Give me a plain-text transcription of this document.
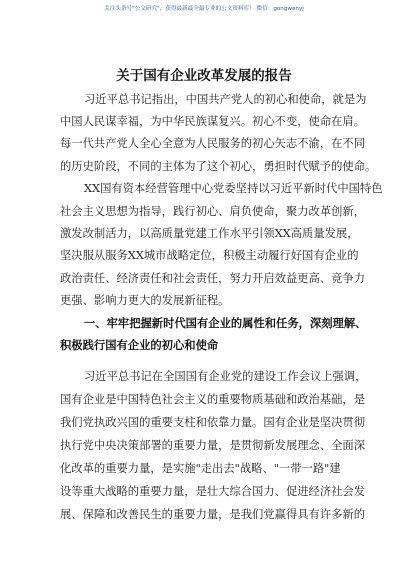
关注头条号"公文研究"，获得最新最全最专业的公文资料库！ 微信：gongwenyj
关于国有企业改革发展的报告
习近平总书记指出，中国共产党人的初心和使命，就是为
中国人民谋幸福，为中华民族谋复兴。初心不变，使命在肩。
每一代共产党人全心全意为人民服务的初心矢志不渝，在不同
的历史阶段，不同的主体为了这个初心，勇担时代赋予的使命。
XX国有资本经营管理中心党委坚持以习近平新时代中国特色
社会主义思想为指导，践行初心、肩负使命，聚力改革创新，
激发改制活力，以高质量党建工作水平引领XX高质量发展，
坚决服从服务XX城市战略定位，积极主动履行好国有企业的
政治责任、经济责任和社会责任，努力开启效益更高、竞争力
更强、影响力更大的发展新征程。
一、牢牢把握新时代国有企业的属性和任务，深刻理解、
积极践行国有企业的初心和使命
习近平总书记在全国国有企业党的建设工作会议上强调，
国有企业是中国特色社会主义的重要物质基础和政治基础，是
我们党执政兴国的重要支柱和依靠力量。国有企业是坚决贯彻
执行党中央决策部署的重要力量，是贯彻新发展理念、全面深
化改革的重要力量，是实施"走出去"战略、"一带一路"建
设等重大战略的重要力量，是壮大综合国力、促进经济社会发
展、保障和改善民生的重要力量，是我们党赢得具有许多新的
